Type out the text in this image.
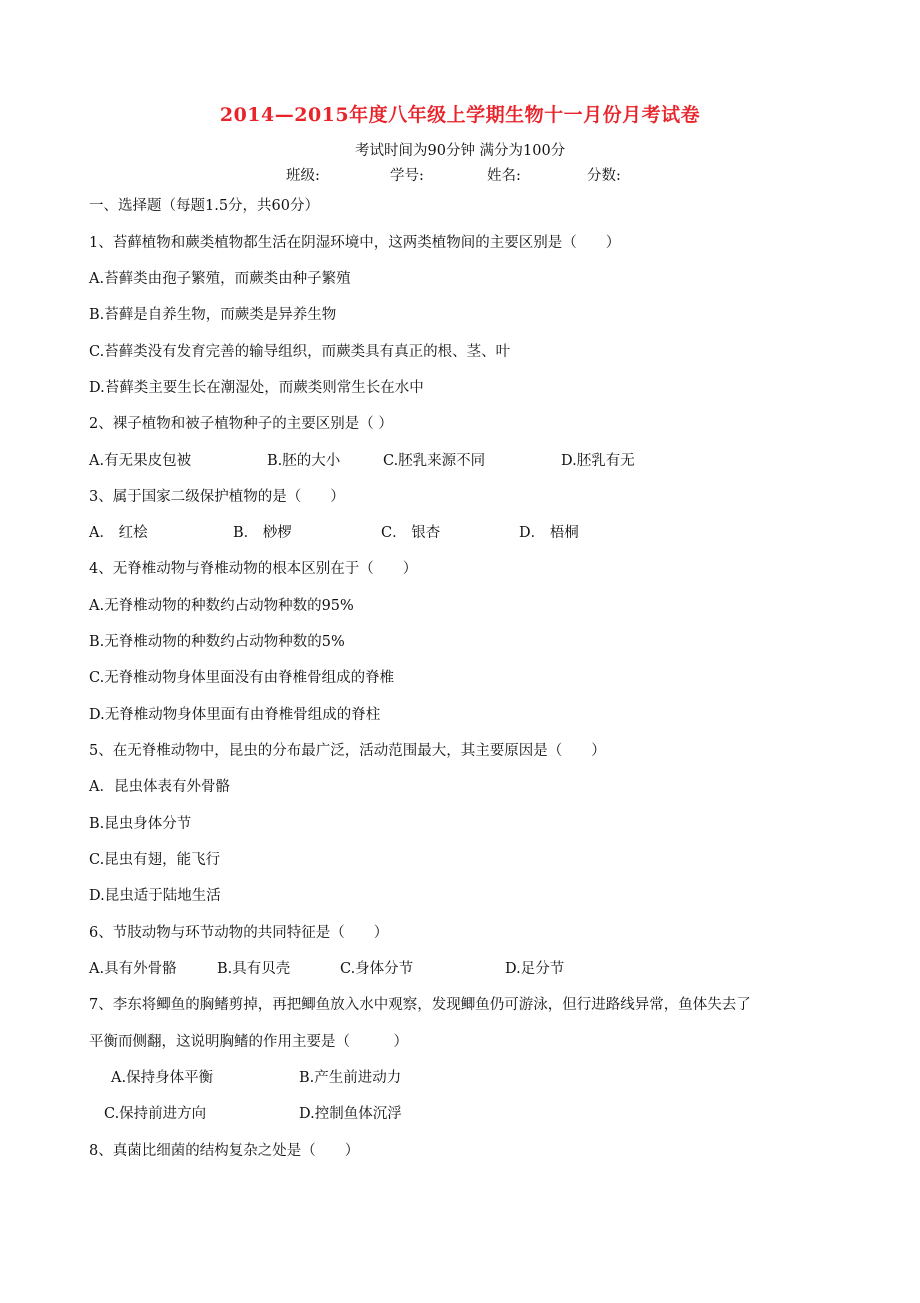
2014—2015年度八年级上学期生物十一月份月考试卷
考试时间为90分钟 满分为100分
班级:	学号:	姓名:	分数:
一、选择题（每题1.5分，共60分）
1、苔藓植物和蕨类植物都生活在阴湿环境中，这两类植物间的主要区别是（　　）
A.苔藓类由孢子繁殖，而蕨类由种子繁殖
B.苔藓是自养生物，而蕨类是异养生物
C.苔藓类没有发育完善的输导组织，而蕨类具有真正的根、茎、叶
D.苔藓类主要生长在潮湿处，而蕨类则常生长在水中
2、裸子植物和被子植物种子的主要区别是（ ）
A.有无果皮包被	B.胚的大小	C.胚乳来源不同	D.胚乳有无
3、属于国家二级保护植物的是（　　）
A． 红桧	B． 桫椤	C． 银杏	D． 梧桐
4、无脊椎动物与脊椎动物的根本区别在于（　　）
A.无脊椎动物的种数约占动物种数的95%
B.无脊椎动物的种数约占动物种数的5%
C.无脊椎动物身体里面没有由脊椎骨组成的脊椎
D.无脊椎动物身体里面有由脊椎骨组成的脊柱
5、在无脊椎动物中，昆虫的分布最广泛，活动范围最大，其主要原因是（　　）
A．昆虫体表有外骨骼
B.昆虫身体分节
C.昆虫有翅，能飞行
D.昆虫适于陆地生活
6、节肢动物与环节动物的共同特征是（　　）
A.具有外骨骼	B.具有贝壳	C.身体分节	D.足分节
7、李东将鲫鱼的胸鳍剪掉，再把鲫鱼放入水中观察，发现鲫鱼仍可游泳，但行进路线异常，鱼体失去了
平衡而侧翻，这说明胸鳍的作用主要是（　　　）
A.保持身体平衡	B.产生前进动力
C.保持前进方向	D.控制鱼体沉浮
8、真菌比细菌的结构复杂之处是（　　）
